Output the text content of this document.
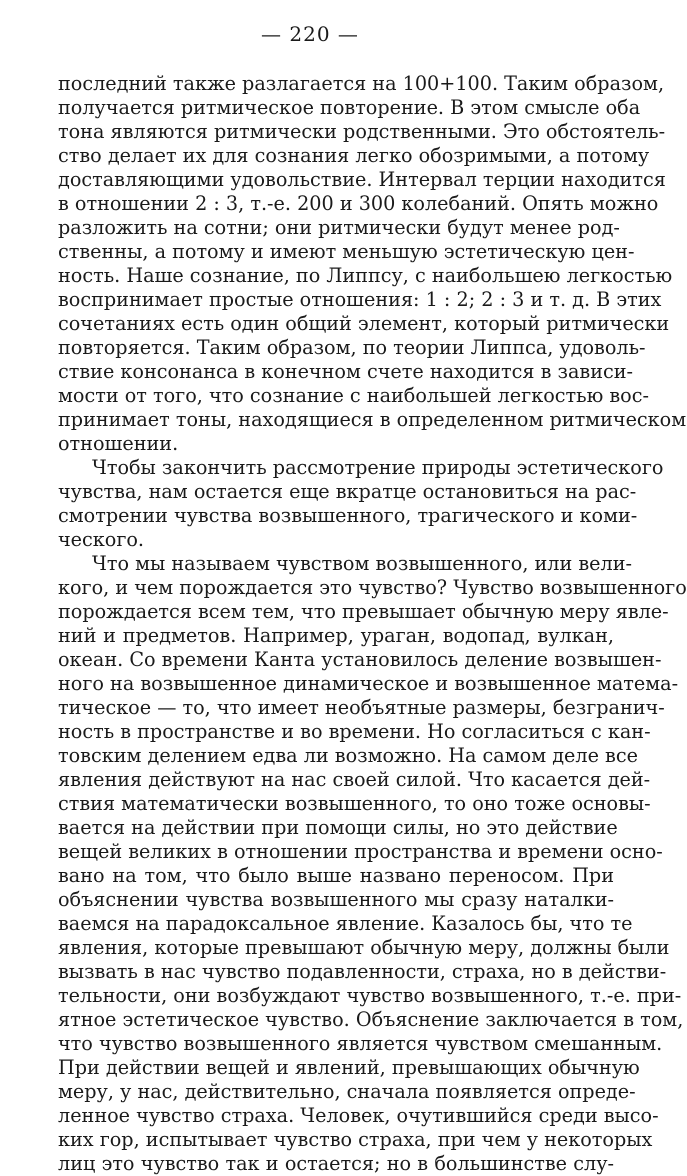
— 220 —
последний также разлагается на 100+100. Таким образом,
получается ритмическое повторение. В этом смысле оба
тона являются ритмически родственными. Это обстоятель-
ство делает их для сознания легко обозримыми, а потому
доставляющими удовольствие. Интервал терции находится
в отношении 2 : 3, т.-е. 200 и 300 колебаний. Опять можно
разложить на сотни; они ритмически будут менее род-
ственны, а потому и имеют меньшую эстетическую цен-
ность. Наше сознание, по Липпсу, с наибольшею легкостью
воспринимает простые отношения: 1 : 2; 2 : 3 и т. д. В этих
сочетаниях есть один общий элемент, который ритмически
повторяется. Таким образом, по теории Липпса, удоволь-
ствие консонанса в конечном счете находится в зависи-
мости от того, что сознание с наибольшей легкостью вос-
принимает тоны, находящиеся в определенном ритмическом
отношении.
Чтобы закончить рассмотрение природы эстетического
чувства, нам остается еще вкратце остановиться на рас-
смотрении чувства возвышенного, трагического и коми-
ческого.
Что мы называем чувством возвышенного, или вели-
кого, и чем порождается это чувство? Чувство возвышенного
порождается всем тем, что превышает обычную меру явле-
ний и предметов. Например, ураган, водопад, вулкан,
океан. Со времени Канта установилось деление возвышен-
ного на возвышенное динамическое и возвышенное матема-
тическое — то, что имеет необъятные размеры, безгранич-
ность в пространстве и во времени. Но согласиться с кан-
товским делением едва ли возможно. На самом деле все
явления действуют на нас своей силой. Что касается дей-
ствия математически возвышенного, то оно тоже основы-
вается на действии при помощи силы, но это действие
вещей великих в отношении пространства и времени осно-
вано на том, что было выше названо переносом. При
объяснении чувства возвышенного мы сразу наталки-
ваемся на парадоксальное явление. Казалось бы, что те
явления, которые превышают обычную меру, должны были
вызвать в нас чувство подавленности, страха, но в действи-
тельности, они возбуждают чувство возвышенного, т.-е. при-
ятное эстетическое чувство. Объяснение заключается в том,
что чувство возвышенного является чувством смешанным.
При действии вещей и явлений, превышающих обычную
меру, у нас, действительно, сначала появляется опреде-
ленное чувство страха. Человек, очутившийся среди высо-
ких гор, испытывает чувство страха, при чем у некоторых
лиц это чувство так и остается; но в большинстве слу-
